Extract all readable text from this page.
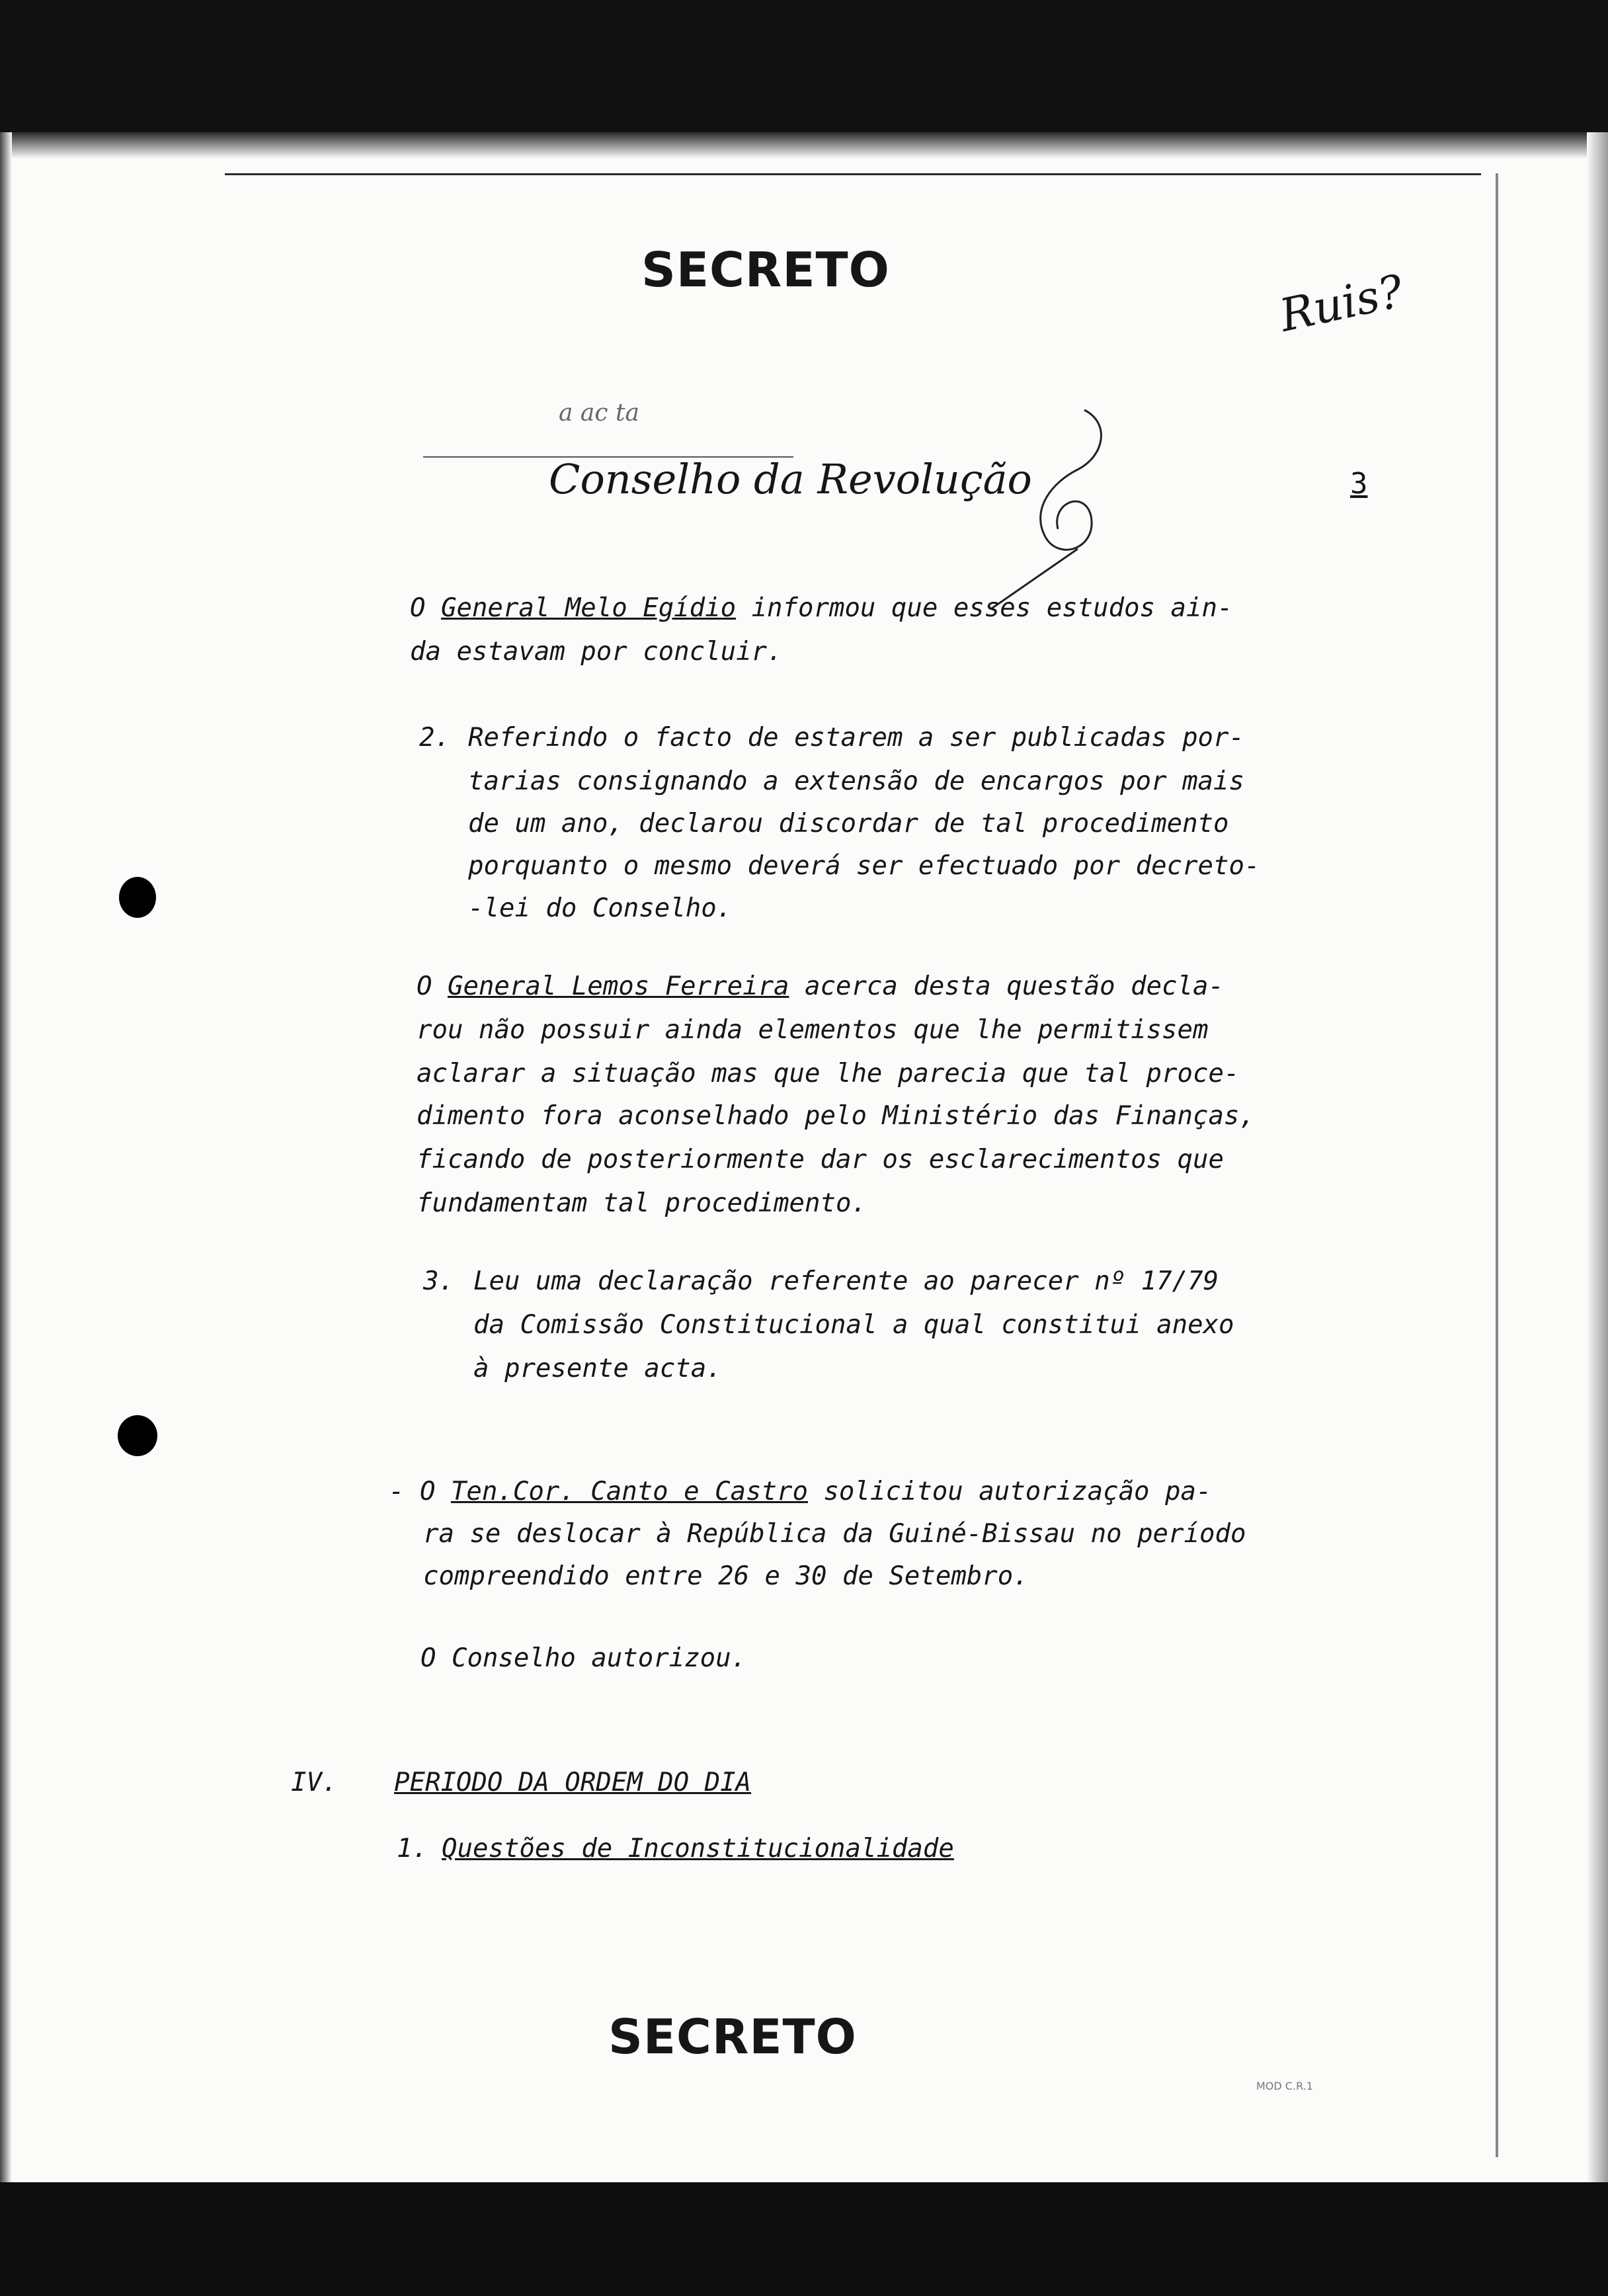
SECRETO	Ruis?
a ac ta
Conselho da Revolução	3
O General Melo Egídio informou que esses estudos ain-
da estavam por concluir.
2. Referindo o facto de estarem a ser publicadas por-
tarias consignando a extensão de encargos por mais
de um ano, declarou discordar de tal procedimento
porquanto o mesmo deverá ser efectuado por decreto-
-lei do Conselho.
O General Lemos Ferreira acerca desta questão decla-
rou não possuir ainda elementos que lhe permitissem
aclarar a situação mas que lhe parecia que tal proce-
dimento fora aconselhado pelo Ministério das Finanças,
ficando de posteriormente dar os esclarecimentos que
fundamentam tal procedimento.
3. Leu uma declaração referente ao parecer nº 17/79
da Comissão Constitucional a qual constitui anexo
à presente acta.
- O Ten.Cor. Canto e Castro solicitou autorização pa-
ra se deslocar à República da Guiné-Bissau no período
compreendido entre 26 e 30 de Setembro.
O Conselho autorizou.
IV. PERIODO DA ORDEM DO DIA
1. Questões de Inconstitucionalidade
SECRETO
MOD C.R.1
